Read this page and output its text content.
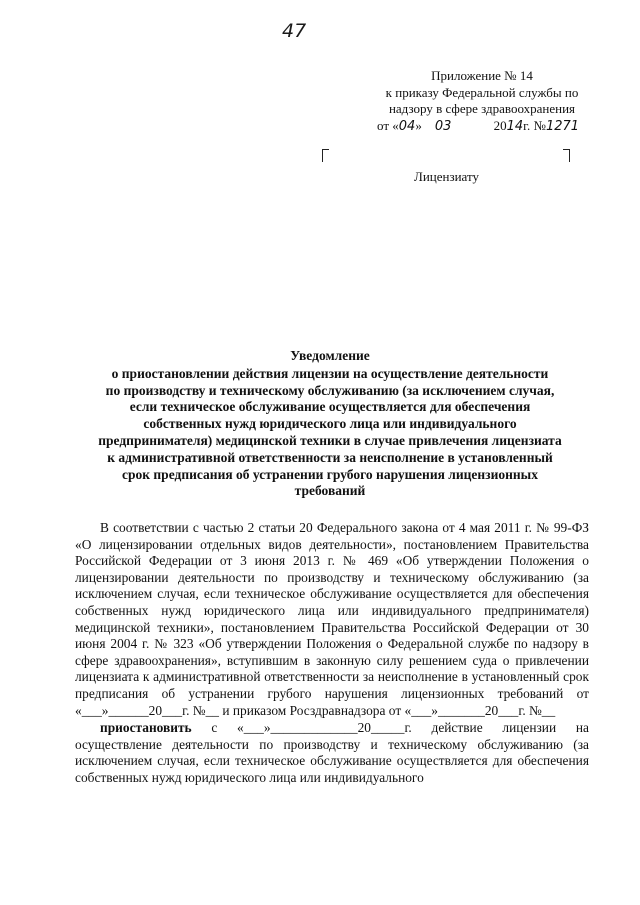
47
Приложение № 14
к приказу Федеральной службы по
надзору в сфере здравоохранения
от «04» 03	2014г. №1271
Лицензиату
Уведомление
о приостановлении действия лицензии на осуществление деятельности
по производству и техническому обслуживанию (за исключением случая,
если техническое обслуживание осуществляется для обеспечения
собственных нужд юридического лица или индивидуального
предпринимателя) медицинской техники в случае привлечения лицензиата
к административной ответственности за неисполнение в установленный
срок предписания об устранении грубого нарушения лицензионных
требований

В соответствии с частью 2 статьи 20 Федерального закона от 4 мая 2011 г. № 99-ФЗ «О лицензировании отдельных видов деятельности», постановлением Правительства Российской Федерации от 3 июня 2013 г. № 469 «Об утверждении Положения о лицензировании деятельности по производству и техническому обслуживанию (за исключением случая, если техническое обслуживание осуществляется для обеспечения собственных нужд юридического лица или индивидуального предпринимателя) медицинской техники», постановлением Правительства Российской Федерации от 30 июня 2004 г. № 323 «Об утверждении Положения о Федеральной службе по надзору в сфере здравоохранения», вступившим в законную силу решением суда о привлечении лицензиата к административной ответственности за неисполнение в установленный срок предписания об устранении грубого нарушения лицензионных требований от «___»______20___г. №__ и приказом Росздравнадзора от «___»_______20___г. №__

приостановить с «___»_____________20_____г. действие лицензии на осуществление деятельности по производству и техническому обслуживанию (за исключением случая, если техническое обслуживание осуществляется для обеспечения собственных нужд юридического лица или индивидуального
